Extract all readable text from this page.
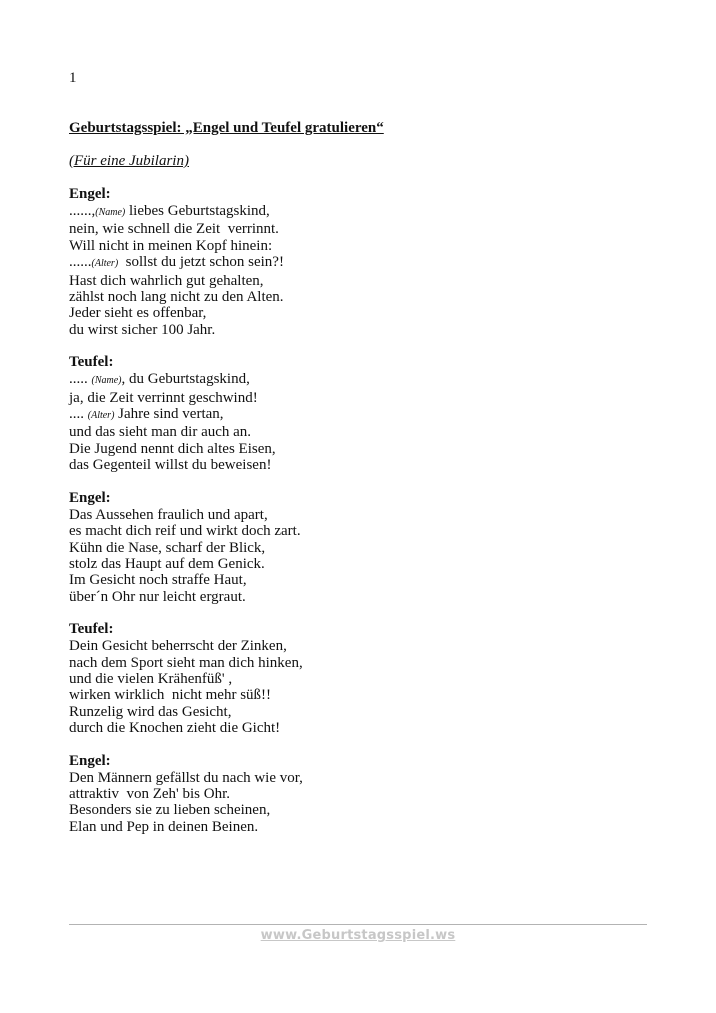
1
Geburtstagsspiel: „Engel und Teufel gratulieren“
(Für eine Jubilarin)
Engel:
......,(Name) liebes Geburtstagskind,
nein, wie schnell die Zeit  verrinnt.
Will nicht in meinen Kopf hinein:
......(Alter)  sollst du jetzt schon sein?!
Hast dich wahrlich gut gehalten,
zählst noch lang nicht zu den Alten.
Jeder sieht es offenbar,
du wirst sicher 100 Jahr.
Teufel:
..... (Name), du Geburtstagskind,
ja, die Zeit verrinnt geschwind!
.... (Alter) Jahre sind vertan,
und das sieht man dir auch an.
Die Jugend nennt dich altes Eisen,
das Gegenteil willst du beweisen!
Engel:
Das Aussehen fraulich und apart,
es macht dich reif und wirkt doch zart.
Kühn die Nase, scharf der Blick,
stolz das Haupt auf dem Genick.
Im Gesicht noch straffe Haut,
über´n Ohr nur leicht ergraut.
Teufel:
Dein Gesicht beherrscht der Zinken,
nach dem Sport sieht man dich hinken,
und die vielen Krähenfüß' ,
wirken wirklich  nicht mehr süß!!
Runzelig wird das Gesicht,
durch die Knochen zieht die Gicht!
Engel:
Den Männern gefällst du nach wie vor,
attraktiv  von Zeh' bis Ohr.
Besonders sie zu lieben scheinen,
Elan und Pep in deinen Beinen.
www.Geburtstagsspiel.ws
